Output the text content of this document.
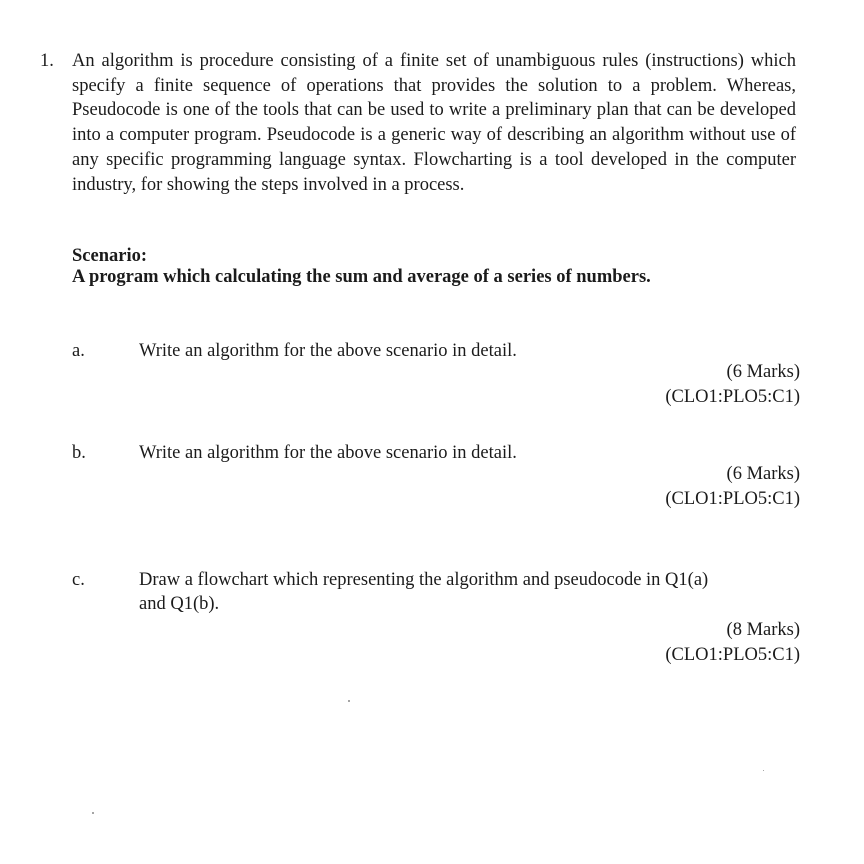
1. An algorithm is procedure consisting of a finite set of unambiguous rules (instructions) which specify a finite sequence of operations that provides the solution to a problem. Whereas, Pseudocode is one of the tools that can be used to write a preliminary plan that can be developed into a computer program. Pseudocode is a generic way of describing an algorithm without use of any specific programming language syntax. Flowcharting is a tool developed in the computer industry, for showing the steps involved in a process.
Scenario:
A program which calculating the sum and average of a series of numbers.
a.	Write an algorithm for the above scenario in detail.
(6 Marks)
(CLO1:PLO5:C1)
b.	Write an algorithm for the above scenario in detail.
(6 Marks)
(CLO1:PLO5:C1)
c.	Draw a flowchart which representing the algorithm and pseudocode in Q1(a) and Q1(b).
(8 Marks)
(CLO1:PLO5:C1)
